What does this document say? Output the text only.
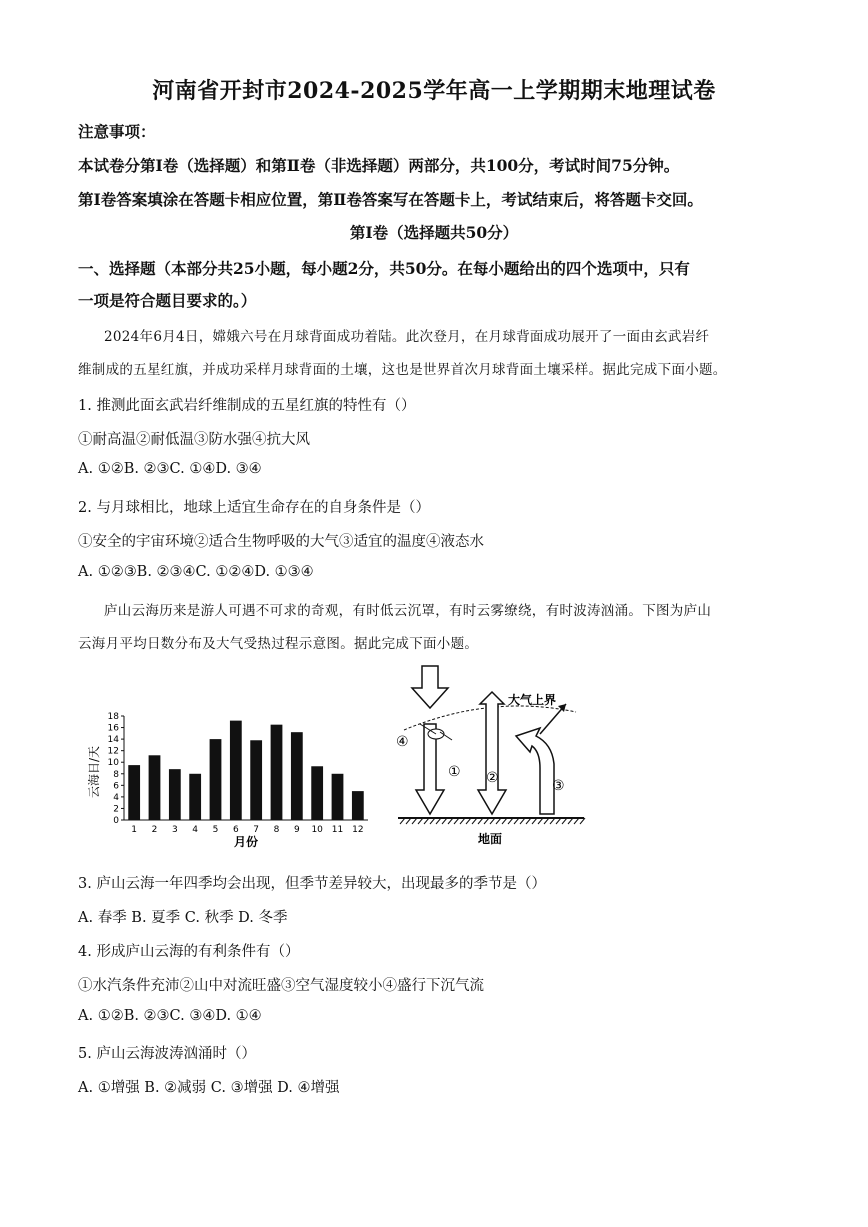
河南省开封市2024-2025学年高一上学期期末地理试卷
注意事项：
本试卷分第Ⅰ卷（选择题）和第Ⅱ卷（非选择题）两部分，共100分，考试时间75分钟。
第Ⅰ卷答案填涂在答题卡相应位置，第Ⅱ卷答案写在答题卡上，考试结束后，将答题卡交回。
第Ⅰ卷（选择题共50分）
一、选择题（本部分共25小题，每小题2分，共50分。在每小题给出的四个选项中，只有
一项是符合题目要求的。）
2024年6月4日，嫦娥六号在月球背面成功着陆。此次登月，在月球背面成功展开了一面由玄武岩纤
维制成的五星红旗，并成功采样月球背面的土壤，这也是世界首次月球背面土壤采样。据此完成下面小题。
1. 推测此面玄武岩纤维制成的五星红旗的特性有（）
①耐高温②耐低温③防水强④抗大风
A. ①②B. ②③C. ①④D. ③④
2. 与月球相比，地球上适宜生命存在的自身条件是（）
①安全的宇宙环境②适合生物呼吸的大气③适宜的温度④液态水
A. ①②③B. ②③④C. ①②④D. ①③④
庐山云海历来是游人可遇不可求的奇观，有时低云沉罩，有时云雾缭绕，有时波涛汹涌。下图为庐山
云海月平均日数分布及大气受热过程示意图。据此完成下面小题。
0
2
4
6
8
10
12
14
16
18
1 2 3 4 5 6 7 8 9 10 11 12
月份
云海日/天
大气上界
①
④
②	③
地面
3. 庐山云海一年四季均会出现，但季节差异较大，出现最多的季节是（）
A. 春季 B. 夏季 C. 秋季 D. 冬季
4. 形成庐山云海的有利条件有（）
①水汽条件充沛②山中对流旺盛③空气湿度较小④盛行下沉气流
A. ①②B. ②③C. ③④D. ①④
5. 庐山云海波涛汹涌时（）
A. ①增强 B. ②减弱 C. ③增强 D. ④增强
